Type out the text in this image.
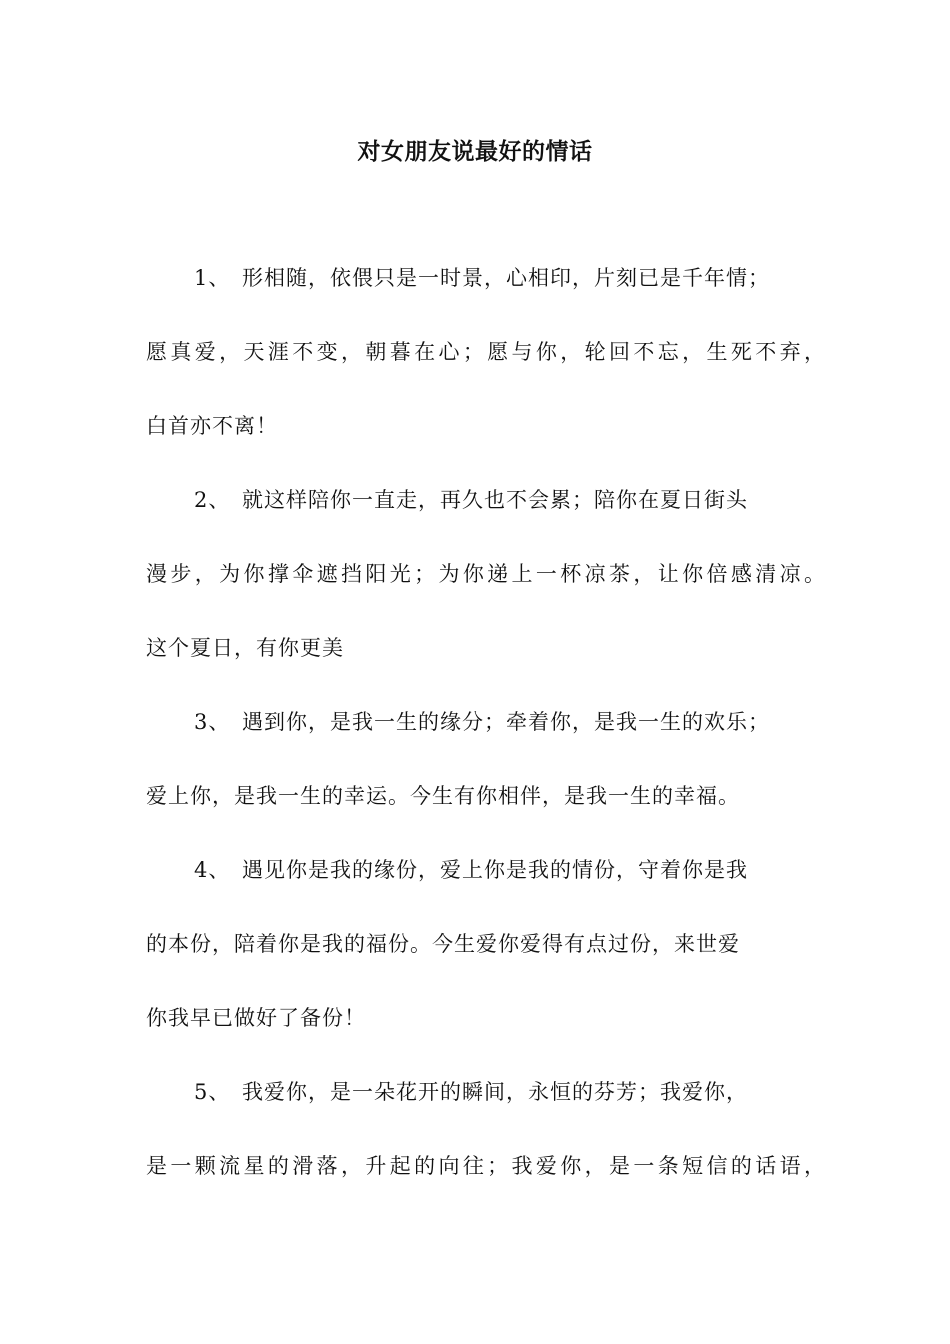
对女朋友说最好的情话
1、 形相随，依偎只是一时景，心相印，片刻已是千年情；
愿真爱，天涯不变，朝暮在心；愿与你，轮回不忘，生死不弃，
白首亦不离！
2、 就这样陪你一直走，再久也不会累；陪你在夏日街头
漫步，为你撑伞遮挡阳光；为你递上一杯凉茶，让你倍感清凉。
这个夏日，有你更美
3、 遇到你，是我一生的缘分；牵着你，是我一生的欢乐；
爱上你，是我一生的幸运。今生有你相伴，是我一生的幸福。
4、 遇见你是我的缘份，爱上你是我的情份，守着你是我
的本份，陪着你是我的福份。今生爱你爱得有点过份，来世爱
你我早已做好了备份！
5、 我爱你，是一朵花开的瞬间，永恒的芬芳；我爱你，
是一颗流星的滑落，升起的向往；我爱你，是一条短信的话语，
